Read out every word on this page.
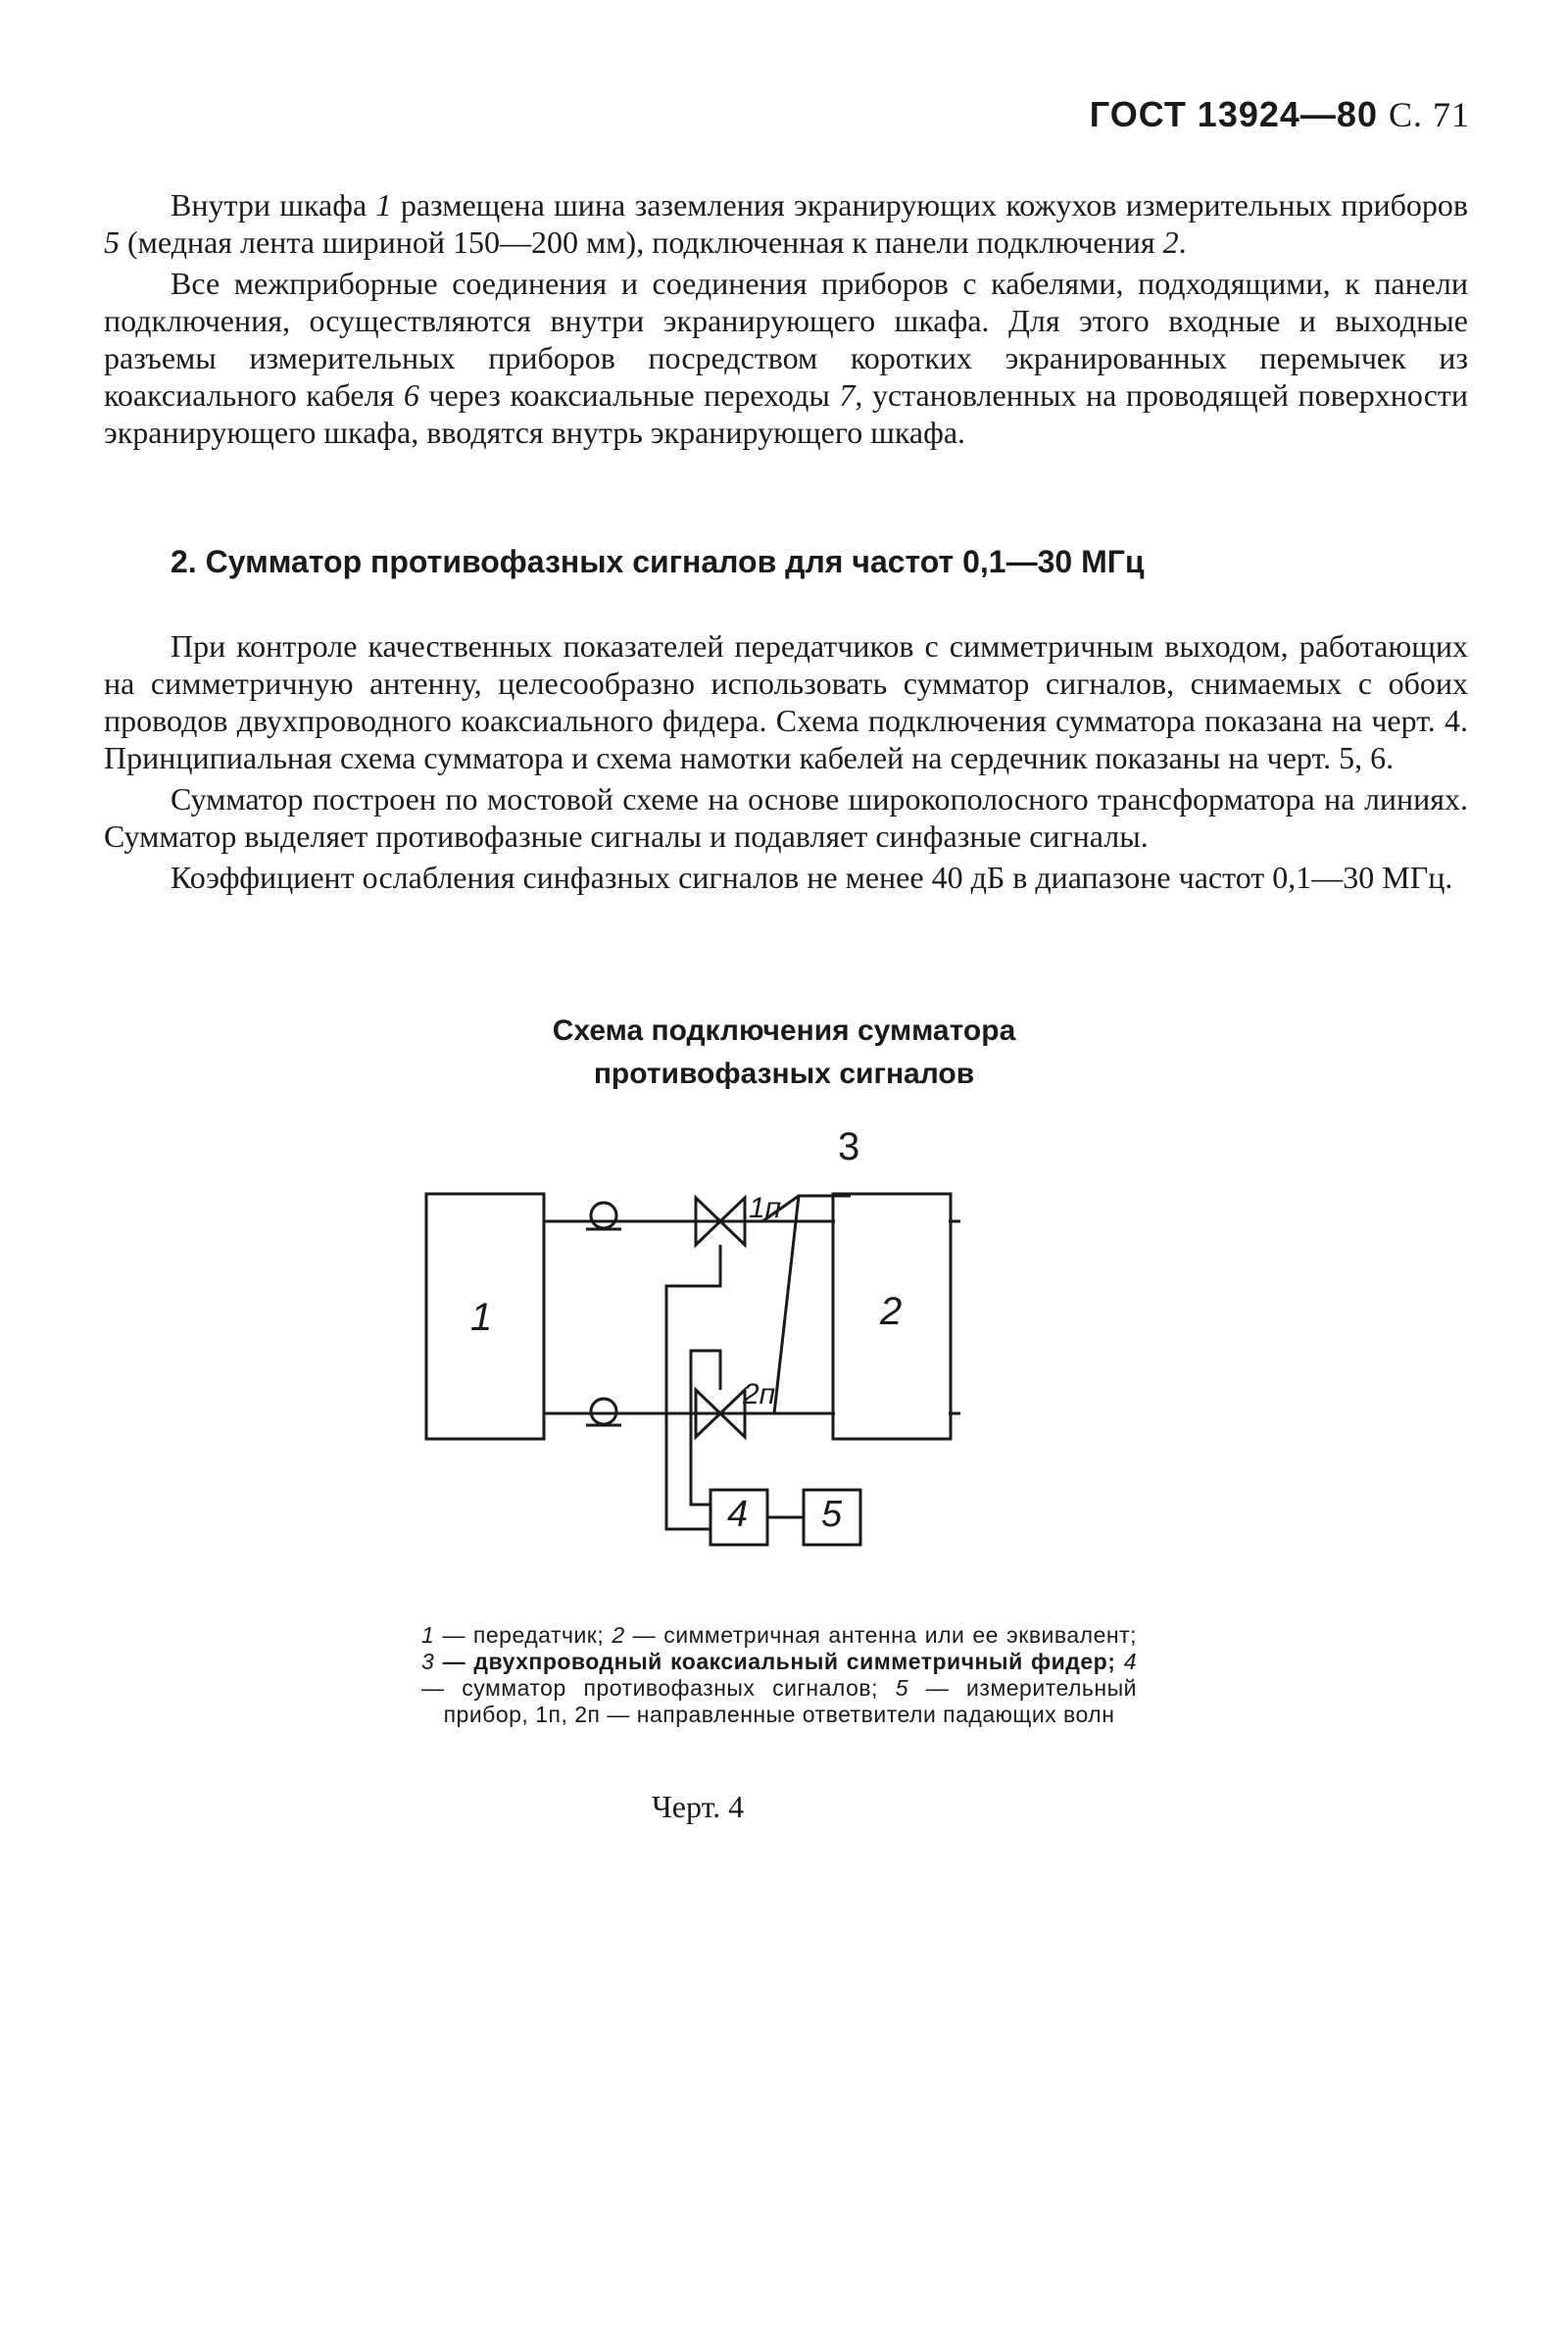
ГОСТ 13924—80 С. 71

Внутри шкафа 1 размещена шина заземления экранирующих кожухов измерительных приборов 5 (медная лента шириной 150—200 мм), подключенная к панели подключения 2.

Все межприборные соединения и соединения приборов с кабелями, подходящими, к панели подключения, осуществляются внутри экранирующего шкафа. Для этого входные и выходные разъемы измерительных приборов посредством коротких экранированных перемычек из коаксиального кабеля 6 через коаксиальные переходы 7, установленных на проводящей поверхности экранирующего шкафа, вводятся внутрь экранирующего шкафа.

2. Сумматор противофазных сигналов для частот 0,1—30 МГц

При контроле качественных показателей передатчиков с симметричным выходом, работающих на симметричную антенну, целесообразно использовать сумматор сигналов, снимаемых с обоих проводов двухпроводного коаксиального фидера. Схема подключения сумматора показана на черт. 4. Принципиальная схема сумматора и схема намотки кабелей на сердечник показаны на черт. 5, 6.

Сумматор построен по мостовой схеме на основе широкополосного трансформатора на линиях. Сумматор выделяет противофазные сигналы и подавляет синфазные сигналы.

Коэффициент ослабления синфазных сигналов не менее 40 дБ в диапазоне частот 0,1—30 МГц.

Схема подключения сумматора
противофазных сигналов
1	2
3
1п
2п
4 5
1 — передатчик; 2 — симметричная антенна или ее эквивалент; 3 — двухпроводный коаксиальный симметричный фидер; 4 — сумматор противофазных сигналов; 5 — измерительный прибор, 1п, 2п — направленные ответвители падающих волн
Черт. 4
